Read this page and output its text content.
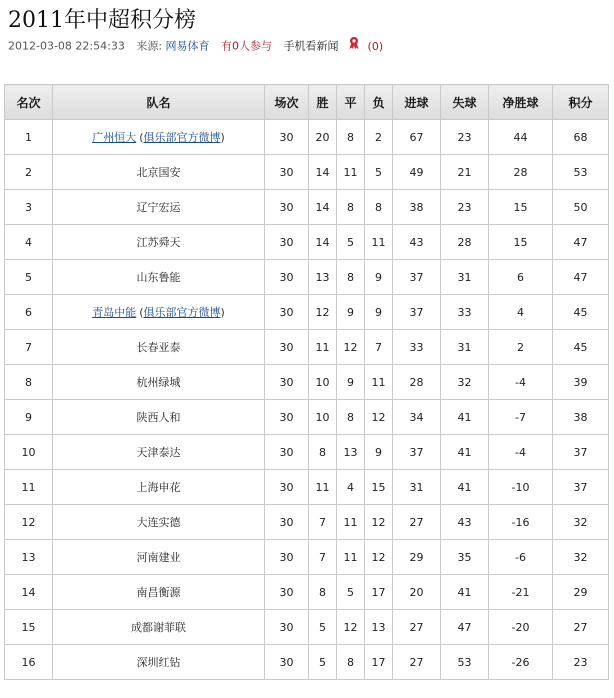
2011年中超积分榜
2012-03-08 22:54:33 来源: 网易体育 有0人参与 手机看新闻	(0)
名次	队名	场次	胜	平	负	进球	失球	净胜球	积分
1	广州恒大 (俱乐部官方微博)	30	20	8	2	67	23	44	68
2	北京国安	30	14	11	5	49	21	28	53
3	辽宁宏运	30	14	8	8	38	23	15	50
4	江苏舜天	30	14	5	11	43	28	15	47
5	山东鲁能	30	13	8	9	37	31	6	47
6	青岛中能 (俱乐部官方微博)	30	12	9	9	37	33	4	45
7	长春亚泰	30	11	12	7	33	31	2	45
8	杭州绿城	30	10	9	11	28	32	-4	39
9	陕西人和	30	10	8	12	34	41	-7	38
10	天津泰达	30	8	13	9	37	41	-4	37
11	上海申花	30	11	4	15	31	41	-10	37
12	大连实德	30	7	11	12	27	43	-16	32
13	河南建业	30	7	11	12	29	35	-6	32
14	南昌衡源	30	8	5	17	20	41	-21	29
15	成都谢菲联	30	5	12	13	27	47	-20	27
16	深圳红钻	30	5	8	17	27	53	-26	23
